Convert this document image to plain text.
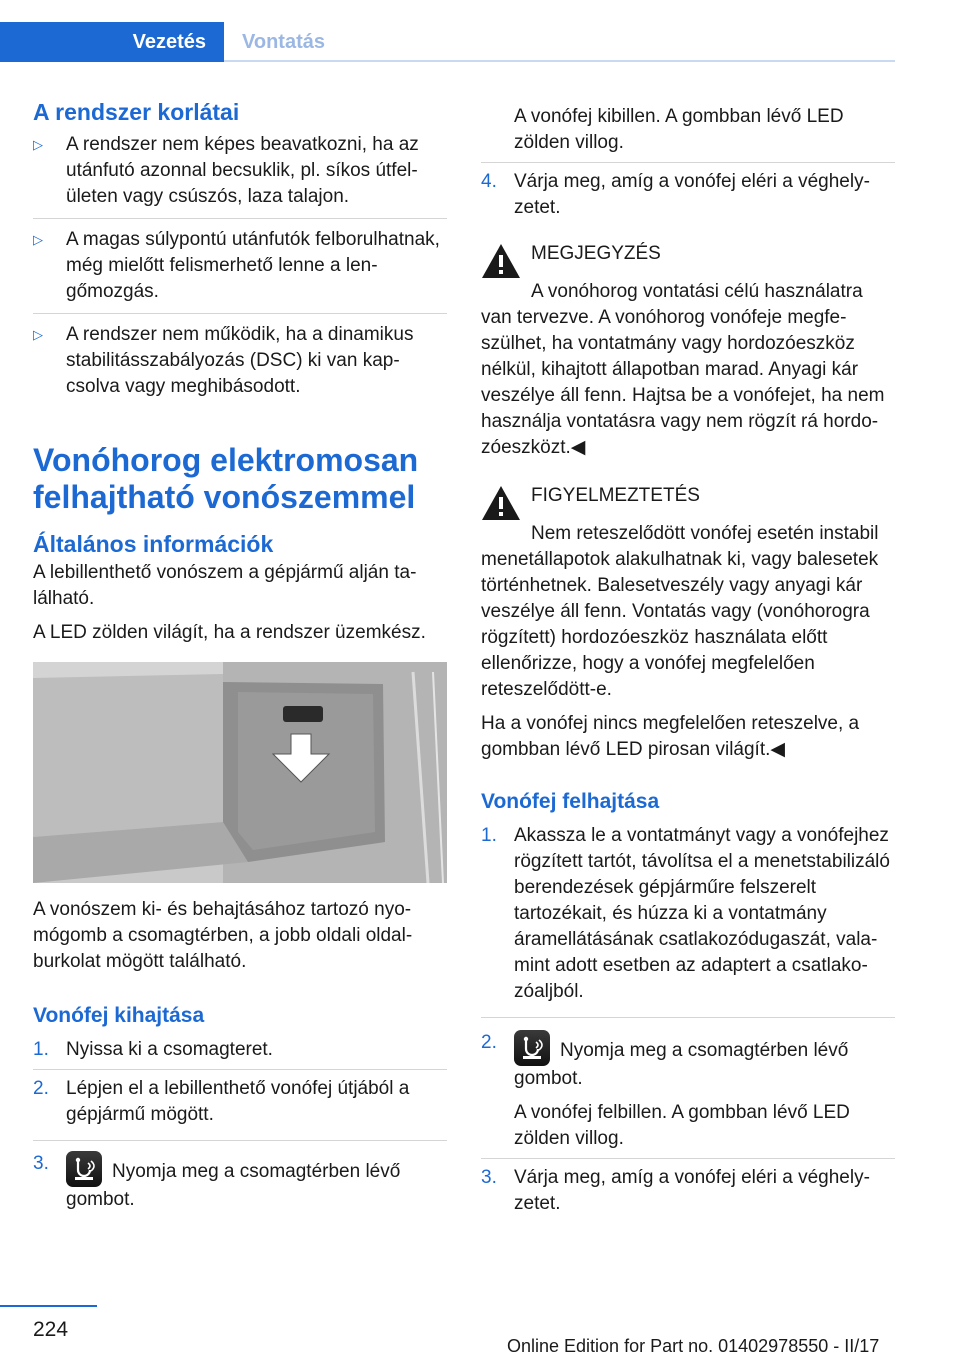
Vezetés	Vontatás
A rendszer korlátai
▷	A rendszer nem képes beavatkozni, ha az utánfutó azonnal becsuklik, pl. síkos útfelületen vagy csúszós, laza talajon.
▷	A magas súlypontú utánfutók felborulhatnak, még mielőtt felismerhető lenne a lengőmozgás.
▷	A rendszer nem működik, ha a dinamikus stabilitásszabályozás (DSC) ki van kapcsolva vagy meghibásodott.
Vonóhorog elektromosan felhajtható vonószemmel
Általános információk

A lebillenthető vonószem a gépjármű alján található.

A LED zölden világít, ha a rendszer üzemkész.

A vonószem ki- és behajtásához tartozó nyomógomb a csomagtérben, a jobb oldali oldalburkolat mögött található.

Vonófej kihajtása
1. Nyissa ki a csomagteret.
2. Lépjen el a lebillenthető vonófej útjából a gépjármű mögött.
3.	Nyomja meg a csomagtérben lévő gombot.

A vonófej kibillen. A gombban lévő LED zölden villog.

4. Várja meg, amíg a vonófej eléri a véghelyzetet.
MEGJEGYZÉS
A vonóhorog vontatási célú használatra van tervezve. A vonóhorog vonófeje megfeszülhet, ha vontatmány vagy hordozóeszköz nélkül, kihajtott állapotban marad. Anyagi kár veszélye áll fenn. Hajtsa be a vonófejet, ha nem használja vontatásra vagy nem rögzít rá hordozóeszközt.◀
FIGYELMEZTETÉS
Nem reteszelődött vonófej esetén instabil menetállapotok alakulhatnak ki, vagy balesetek történhetnek. Balesetveszély vagy anyagi kár veszélye áll fenn. Vontatás vagy (vonóhorogra rögzített) hordozóeszköz használata előtt ellenőrizze, hogy a vonófej megfelelően reteszelődött-e.

Ha a vonófej nincs megfelelően reteszelve, a gombban lévő LED pirosan világít.◀

Vonófej felhajtása
1. Akassza le a vontatmányt vagy a vonófejhez rögzített tartót, távolítsa el a menetstabilizáló berendezések gépjárműre felszerelt tartozékait, és húzza ki a vontatmány áramellátásának csatlakozódugaszát, valamint adott esetben az adaptert a csatlakozóaljból.
2.	Nyomja meg a csomagtérben lévő gombot.

A vonófej felbillen. A gombban lévő LED zölden villog.

3. Várja meg, amíg a vonófej eléri a véghelyzetet.
224
Online Edition for Part no. 01402978550 - II/17
